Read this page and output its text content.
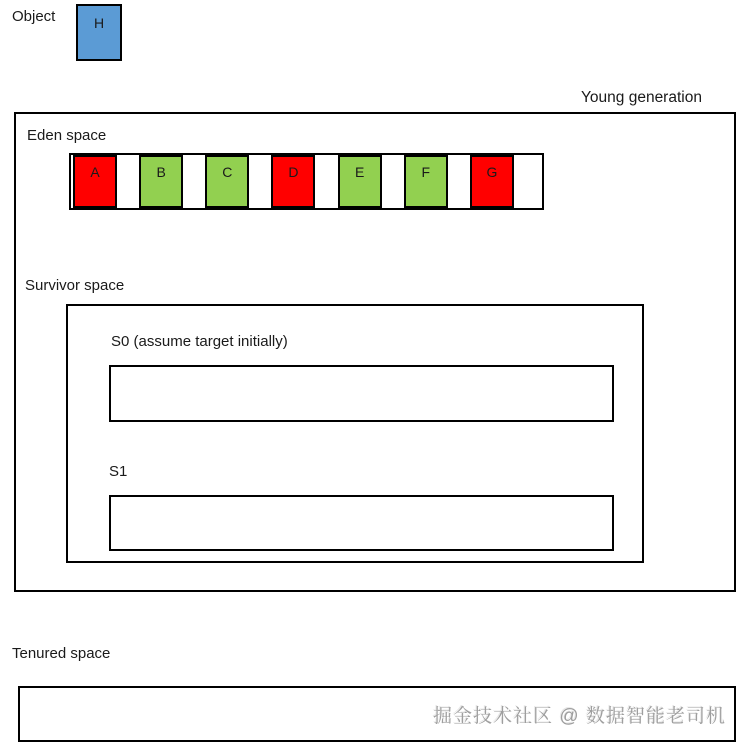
Object	H
Young generation
Eden space
A	B	C	D	E	F	G
Survivor space
S0 (assume target initially)
S1
Tenured space
掘金技术社区 @ 数据智能老司机
